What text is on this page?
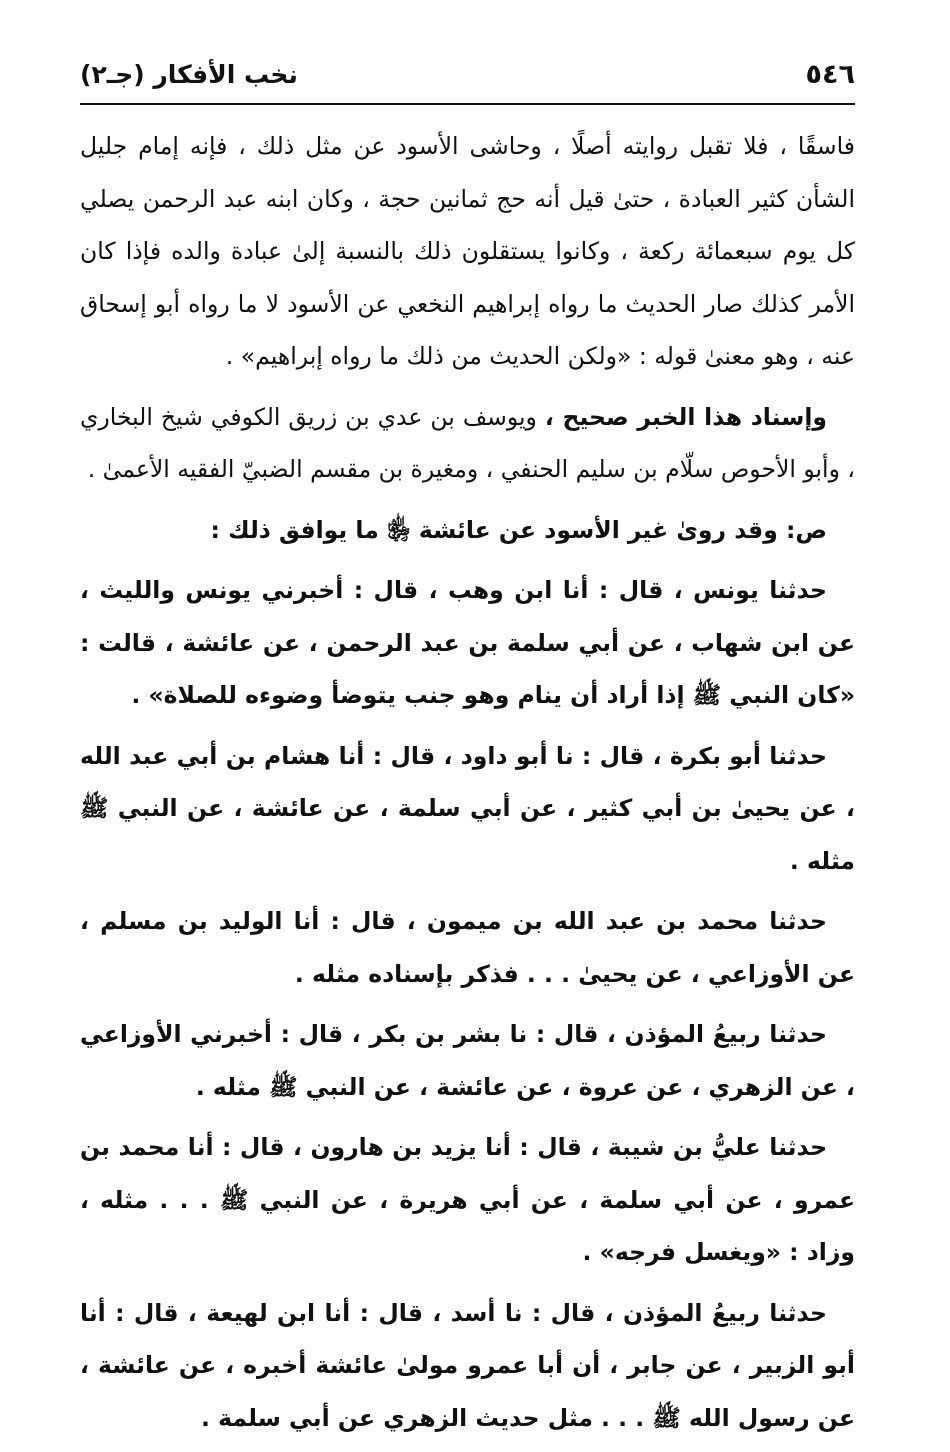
٥٤٦
نخب الأفكار (جـ٢)

فاسقًا ، فلا تقبل روايته أصلًا ، وحاشى الأسود عن مثل ذلك ، فإنه إمام جليل الشأن كثير العبادة ، حتىٰ قيل أنه حج ثمانين حجة ، وكان ابنه عبد الرحمن يصلي كل يوم سبعمائة ركعة ، وكانوا يستقلون ذلك بالنسبة إلىٰ عبادة والده فإذا كان الأمر كذلك صار الحديث ما رواه إبراهيم النخعي عن الأسود لا ما رواه أبو إسحاق عنه ، وهو معنىٰ قوله : «ولكن الحديث من ذلك ما رواه إبراهيم» .

وإسناد هذا الخبر صحيح ، ويوسف بن عدي بن زريق الكوفي شيخ البخاري ، وأبو الأحوص سلّام بن سليم الحنفي ، ومغيرة بن مقسم الضبيّ الفقيه الأعمىٰ .

ص: وقد روىٰ غير الأسود عن عائشة ﵂ ما يوافق ذلك :

حدثنا يونس ، قال : أنا ابن وهب ، قال : أخبرني يونس والليث ، عن ابن شهاب ، عن أبي سلمة بن عبد الرحمن ، عن عائشة ، قالت : «كان النبي ﷺ إذا أراد أن ينام وهو جنب يتوضأ وضوءه للصلاة» .

حدثنا أبو بكرة ، قال : نا أبو داود ، قال : أنا هشام بن أبي عبد الله ، عن يحيىٰ بن أبي كثير ، عن أبي سلمة ، عن عائشة ، عن النبي ﷺ مثله .

حدثنا محمد بن عبد الله بن ميمون ، قال : أنا الوليد بن مسلم ، عن الأوزاعي ، عن يحيىٰ . . . فذكر بإسناده مثله .

حدثنا ربيعُ المؤذن ، قال : نا بشر بن بكر ، قال : أخبرني الأوزاعي ، عن الزهري ، عن عروة ، عن عائشة ، عن النبي ﷺ مثله .

حدثنا عليُّ بن شيبة ، قال : أنا يزيد بن هارون ، قال : أنا محمد بن عمرو ، عن أبي سلمة ، عن أبي هريرة ، عن النبي ﷺ . . . مثله ، وزاد : «ويغسل فرجه» .

حدثنا ربيعُ المؤذن ، قال : نا أسد ، قال : أنا ابن لهيعة ، قال : أنا أبو الزبير ، عن جابر ، أن أبا عمرو مولىٰ عائشة أخبره ، عن عائشة ، عن رسول الله ﷺ . . . مثل حديث الزهري عن أبي سلمة .
